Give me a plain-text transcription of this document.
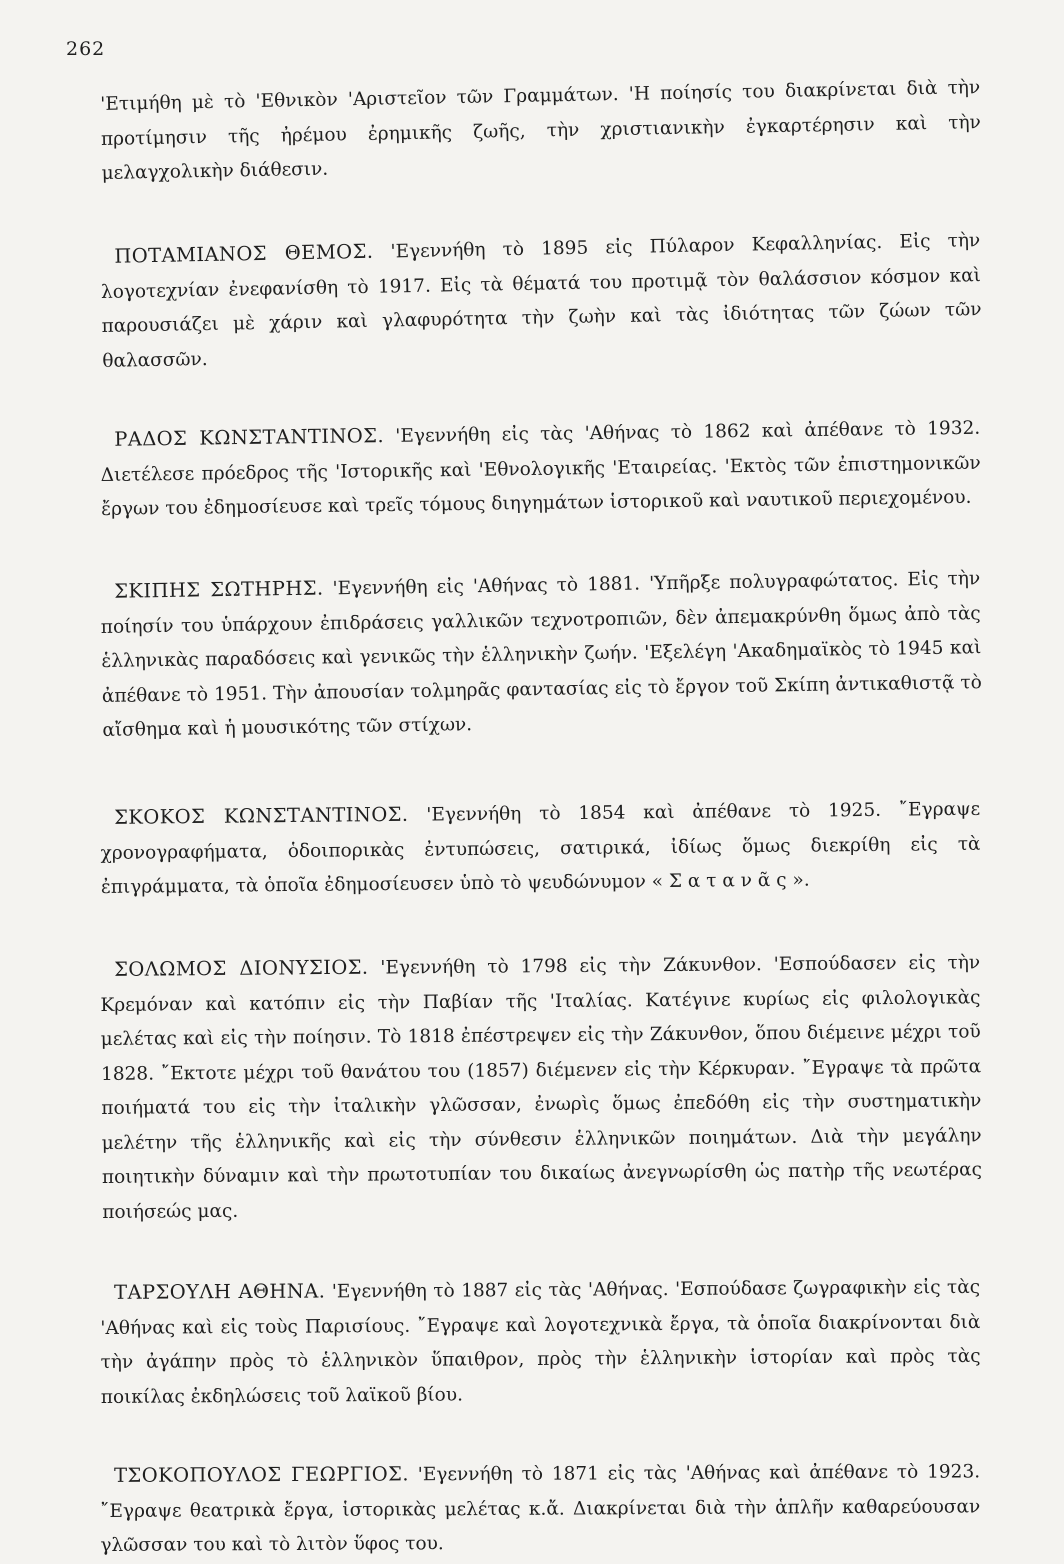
262

'Ετιμήθη μὲ τὸ 'Εθνικὸν 'Αριστεῖον τῶν Γραμμάτων. 'Η ποίησίς του διακρίνεται διὰ τὴν προτίμησιν τῆς ἠρέμου ἐρημικῆς ζωῆς, τὴν χριστιανικὴν ἐγκαρτέρησιν καὶ τὴν μελαγχολικὴν διάθεσιν.

ΠΟΤΑΜΙΑΝΟΣ ΘΕΜΟΣ. 'Εγεννήθη τὸ 1895 εἰς Πύλαρον Κεφαλληνίας. Εἰς τὴν λογοτεχνίαν ἐνεφανίσθη τὸ 1917. Εἰς τὰ θέματά του προτιμᾷ τὸν θαλάσσιον κόσμον καὶ παρουσιάζει μὲ χάριν καὶ γλαφυρότητα τὴν ζωὴν καὶ τὰς ἰδιότητας τῶν ζώων τῶν θαλασσῶν.

ΡΑΔΟΣ ΚΩΝΣΤΑΝΤΙΝΟΣ. 'Εγεννήθη εἰς τὰς 'Αθήνας τὸ 1862 καὶ ἀπέθανε τὸ 1932. Διετέλεσε πρόεδρος τῆς 'Ιστορικῆς καὶ 'Εθνολογικῆς 'Εταιρείας. 'Εκτὸς τῶν ἐπιστημονικῶν ἔργων του ἐδημοσίευσε καὶ τρεῖς τόμους διηγημάτων ἱστορικοῦ καὶ ναυτικοῦ περιεχομένου.

ΣΚΙΠΗΣ ΣΩΤΗΡΗΣ. 'Εγεννήθη εἰς 'Αθήνας τὸ 1881. 'Υπῆρξε πολυγραφώτατος. Εἰς τὴν ποίησίν του ὑπάρχουν ἐπιδράσεις γαλλικῶν τεχνοτροπιῶν, δὲν ἀπεμακρύνθη ὅμως ἀπὸ τὰς ἑλληνικὰς παραδόσεις καὶ γενικῶς τὴν ἑλληνικὴν ζωήν. 'Εξελέγη 'Ακαδημαϊκὸς τὸ 1945 καὶ ἀπέθανε τὸ 1951. Τὴν ἀπουσίαν τολμηρᾶς φαντασίας εἰς τὸ ἔργον τοῦ Σκίπη ἀντικαθιστᾷ τὸ αἴσθημα καὶ ἡ μουσικότης τῶν στίχων.

ΣΚΟΚΟΣ ΚΩΝΣΤΑΝΤΙΝΟΣ. 'Εγεννήθη τὸ 1854 καὶ ἀπέθανε τὸ 1925. ῎Εγραψε χρονογραφήματα, ὁδοιπορικὰς ἐντυπώσεις, σατιρικά, ἰδίως ὅμως διεκρίθη εἰς τὰ ἐπιγράμματα, τὰ ὁποῖα ἐδημοσίευσεν ὑπὸ τὸ ψευδώνυμον « Σ α τ α ν ᾶ ς ».

ΣΟΛΩΜΟΣ ΔΙΟΝΥΣΙΟΣ. 'Εγεννήθη τὸ 1798 εἰς τὴν Ζάκυνθον. 'Εσπούδασεν εἰς τὴν Κρεμόναν καὶ κατόπιν εἰς τὴν Παβίαν τῆς 'Ιταλίας. Κατέγινε κυρίως εἰς φιλολογικὰς μελέτας καὶ εἰς τὴν ποίησιν. Τὸ 1818 ἐπέστρεψεν εἰς τὴν Ζάκυνθον, ὅπου διέμεινε μέχρι τοῦ 1828. ῎Εκτοτε μέχρι τοῦ θανάτου του (1857) διέμενεν εἰς τὴν Κέρκυραν. ῎Εγραψε τὰ πρῶτα ποιήματά του εἰς τὴν ἰταλικὴν γλῶσσαν, ἐνωρὶς ὅμως ἐπεδόθη εἰς τὴν συστηματικὴν μελέτην τῆς ἑλληνικῆς καὶ εἰς τὴν σύνθεσιν ἑλληνικῶν ποιημάτων. Διὰ τὴν μεγάλην ποιητικὴν δύναμιν καὶ τὴν πρωτοτυπίαν του δικαίως ἀνεγνωρίσθη ὡς πατὴρ τῆς νεωτέρας ποιήσεώς μας.

ΤΑΡΣΟΥΛΗ ΑΘΗΝΑ. 'Εγεννήθη τὸ 1887 εἰς τὰς 'Αθήνας. 'Εσπούδασε ζωγραφικὴν εἰς τὰς 'Αθήνας καὶ εἰς τοὺς Παρισίους. ῎Εγραψε καὶ λογοτεχνικὰ ἔργα, τὰ ὁποῖα διακρίνονται διὰ τὴν ἀγάπην πρὸς τὸ ἑλληνικὸν ὕπαιθρον, πρὸς τὴν ἑλληνικὴν ἱστορίαν καὶ πρὸς τὰς ποικίλας ἐκδηλώσεις τοῦ λαϊκοῦ βίου.

ΤΣΟΚΟΠΟΥΛΟΣ ΓΕΩΡΓΙΟΣ. 'Εγεννήθη τὸ 1871 εἰς τὰς 'Αθήνας καὶ ἀπέθανε τὸ 1923. ῎Εγραψε θεατρικὰ ἔργα, ἱστορικὰς μελέτας κ.ἄ. Διακρίνεται διὰ τὴν ἁπλῆν καθαρεύουσαν γλῶσσαν του καὶ τὸ λιτὸν ὕφος του.
